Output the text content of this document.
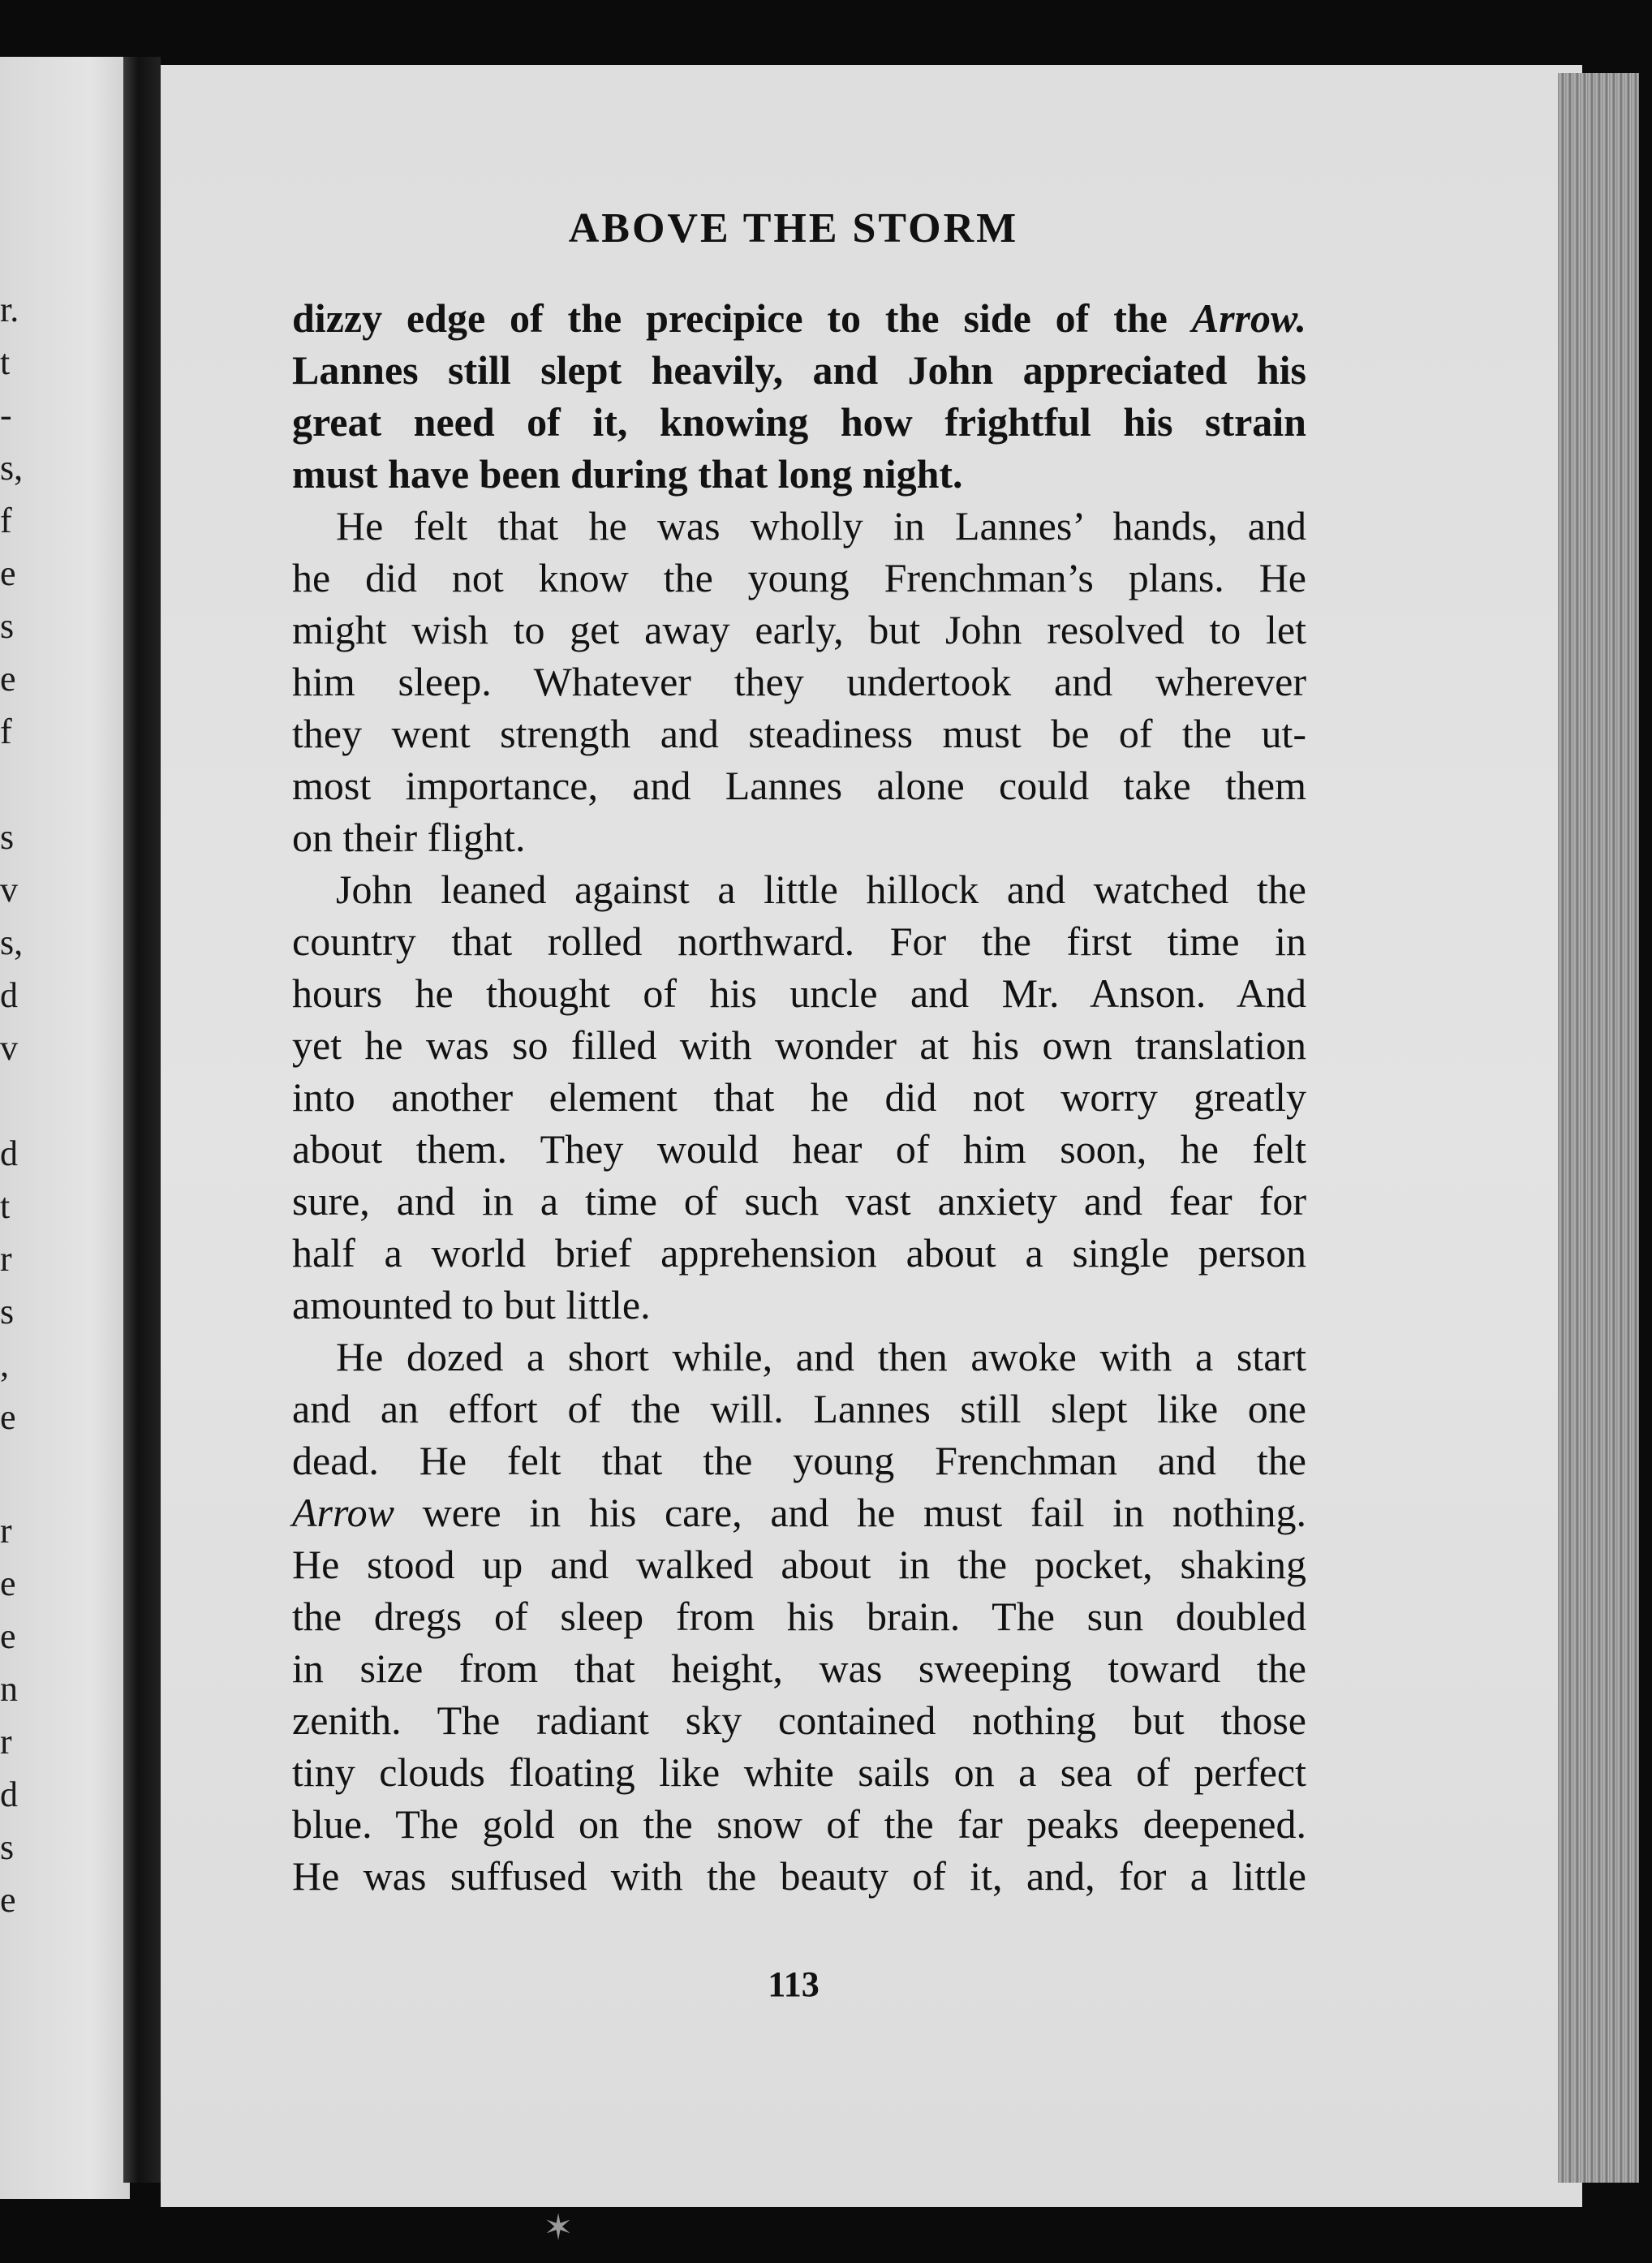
r.
t
-
s,
f
e
s
e
f
s
v
s,
d
v
d
t
r
s
,
e
r
e
e
n
r
d
s
e
ABOVE THE STORM
dizzy edge of the precipice to the side of the Arrow.
Lannes still slept heavily, and John appreciated his
great need of it, knowing how frightful his strain
must have been during that long night.
He felt that he was wholly in Lannes’ hands, and
he did not know the young Frenchman’s plans. He
might wish to get away early, but John resolved to let
him sleep. Whatever they undertook and wherever
they went strength and steadiness must be of the ut-
most importance, and Lannes alone could take them
on their flight.
John leaned against a little hillock and watched the
country that rolled northward. For the first time in
hours he thought of his uncle and Mr. Anson. And
yet he was so filled with wonder at his own translation
into another element that he did not worry greatly
about them. They would hear of him soon, he felt
sure, and in a time of such vast anxiety and fear for
half a world brief apprehension about a single person
amounted to but little.
He dozed a short while, and then awoke with a start
and an effort of the will. Lannes still slept like one
dead. He felt that the young Frenchman and the
Arrow were in his care, and he must fail in nothing.
He stood up and walked about in the pocket, shaking
the dregs of sleep from his brain. The sun doubled
in size from that height, was sweeping toward the
zenith. The radiant sky contained nothing but those
tiny clouds floating like white sails on a sea of perfect
blue. The gold on the snow of the far peaks deepened.
He was suffused with the beauty of it, and, for a little
113
✶
